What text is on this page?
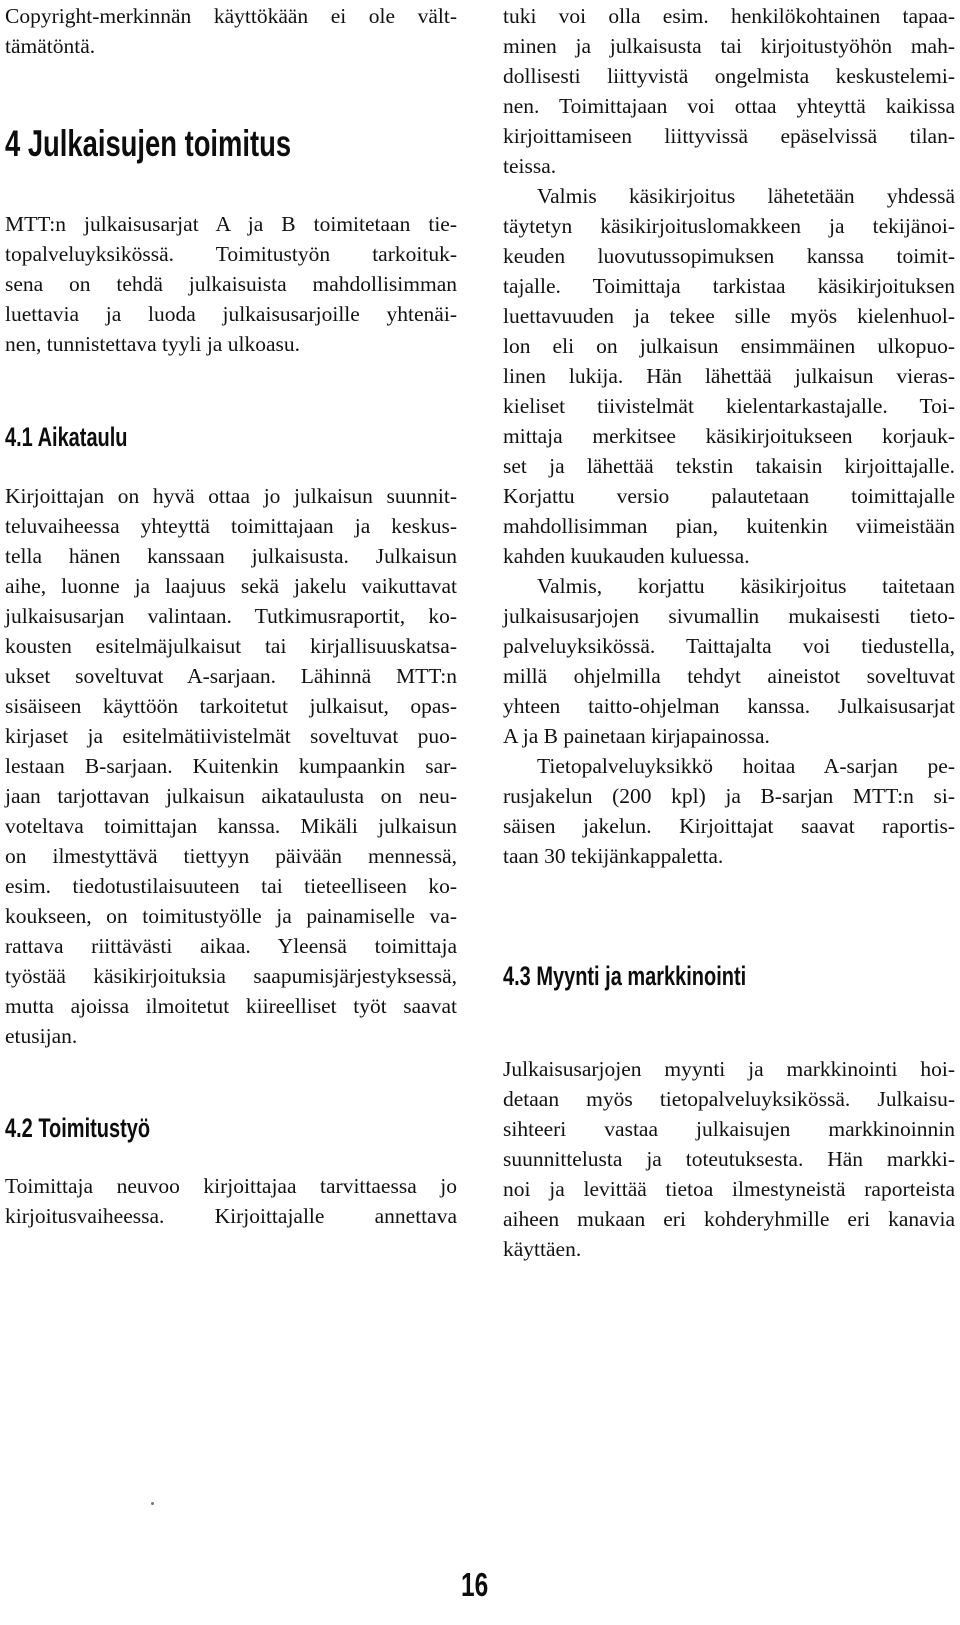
Copyright-merkinnän käyttökään ei ole vält-
tämätöntä.
4 Julkaisujen toimitus
MTT:n julkaisusarjat A ja B toimitetaan tie-
topalveluyksikössä. Toimitustyön tarkoituk-
sena on tehdä julkaisuista mahdollisimman
luettavia ja luoda julkaisusarjoille yhtenäi-
nen, tunnistettava tyyli ja ulkoasu.
4.1 Aikataulu
Kirjoittajan on hyvä ottaa jo julkaisun suunnit-
teluvaiheessa yhteyttä toimittajaan ja keskus-
tella hänen kanssaan julkaisusta. Julkaisun
aihe, luonne ja laajuus sekä jakelu vaikuttavat
julkaisusarjan valintaan. Tutkimusraportit, ko-
kousten esitelmäjulkaisut tai kirjallisuuskatsa-
ukset soveltuvat A-sarjaan. Lähinnä MTT:n
sisäiseen käyttöön tarkoitetut julkaisut, opas-
kirjaset ja esitelmätiivistelmät soveltuvat puo-
lestaan B-sarjaan. Kuitenkin kumpaankin sar-
jaan tarjottavan julkaisun aikataulusta on neu-
voteltava toimittajan kanssa. Mikäli julkaisun
on ilmestyttävä tiettyyn päivään mennessä,
esim. tiedotustilaisuuteen tai tieteelliseen ko-
koukseen, on toimitustyölle ja painamiselle va-
rattava riittävästi aikaa. Yleensä toimittaja
työstää käsikirjoituksia saapumisjärjestyksessä,
mutta ajoissa ilmoitetut kiireelliset työt saavat
etusijan.
4.2 Toimitustyö
Toimittaja neuvoo kirjoittajaa tarvittaessa jo
kirjoitusvaiheessa. Kirjoittajalle annettava
tuki voi olla esim. henkilökohtainen tapaa-
minen ja julkaisusta tai kirjoitustyöhön mah-
dollisesti liittyvistä ongelmista keskustelemi-
nen. Toimittajaan voi ottaa yhteyttä kaikissa
kirjoittamiseen liittyvissä epäselvissä tilan-
teissa.
Valmis käsikirjoitus lähetetään yhdessä
täytetyn käsikirjoituslomakkeen ja tekijänoi-
keuden luovutussopimuksen kanssa toimit-
tajalle. Toimittaja tarkistaa käsikirjoituksen
luettavuuden ja tekee sille myös kielenhuol-
lon eli on julkaisun ensimmäinen ulkopuo-
linen lukija. Hän lähettää julkaisun vieras-
kieliset tiivistelmät kielentarkastajalle. Toi-
mittaja merkitsee käsikirjoitukseen korjauk-
set ja lähettää tekstin takaisin kirjoittajalle.
Korjattu versio palautetaan toimittajalle
mahdollisimman pian, kuitenkin viimeistään
kahden kuukauden kuluessa.
Valmis, korjattu käsikirjoitus taitetaan
julkaisusarjojen sivumallin mukaisesti tieto-
palveluyksikössä. Taittajalta voi tiedustella,
millä ohjelmilla tehdyt aineistot soveltuvat
yhteen taitto-ohjelman kanssa. Julkaisusarjat
A ja B painetaan kirjapainossa.
Tietopalveluyksikkö hoitaa A-sarjan pe-
rusjakelun (200 kpl) ja B-sarjan MTT:n si-
säisen jakelun. Kirjoittajat saavat raportis-
taan 30 tekijänkappaletta.
4.3 Myynti ja markkinointi
Julkaisusarjojen myynti ja markkinointi hoi-
detaan myös tietopalveluyksikössä. Julkaisu-
sihteeri vastaa julkaisujen markkinoinnin
suunnittelusta ja toteutuksesta. Hän markki-
noi ja levittää tietoa ilmestyneistä raporteista
aiheen mukaan eri kohderyhmille eri kanavia
käyttäen.
16
